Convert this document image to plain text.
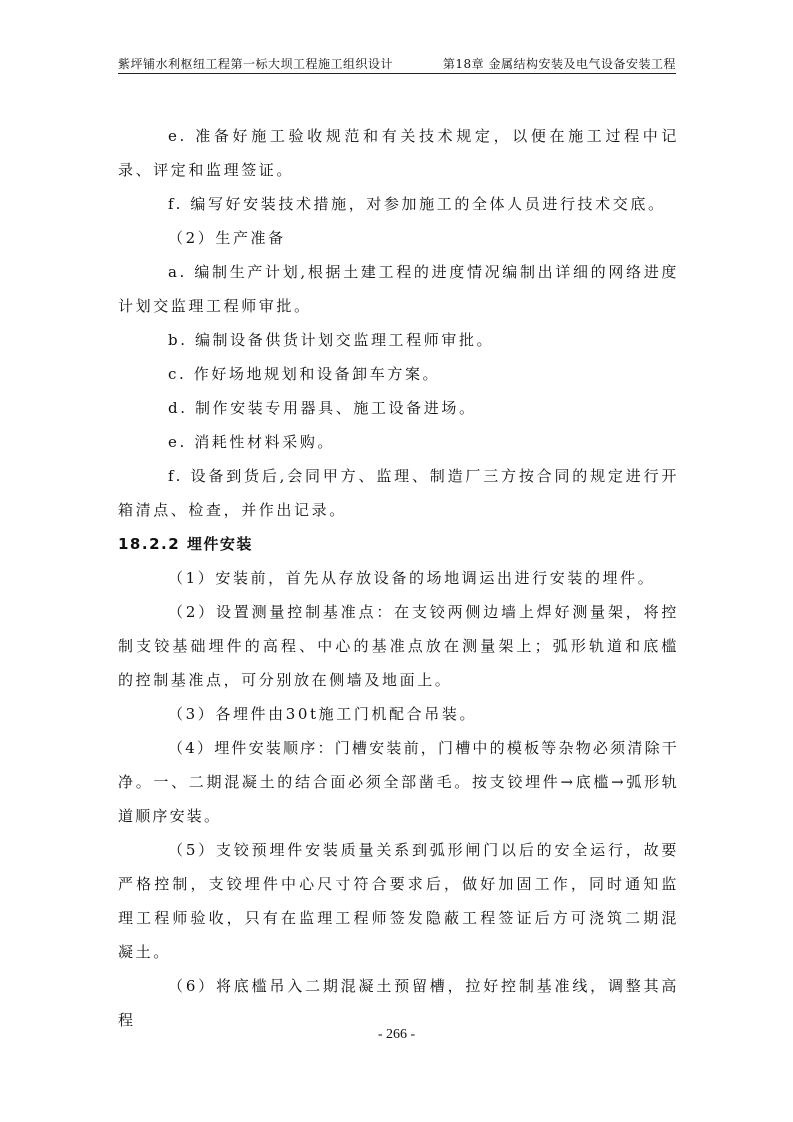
紫坪铺水利枢纽工程第一标大坝工程施工组织设计	第18章 金属结构安装及电气设备安装工程

e. 准备好施工验收规范和有关技术规定，以便在施工过程中记录、评定和监理签证。

f. 编写好安装技术措施，对参加施工的全体人员进行技术交底。

（2）生产准备

a. 编制生产计划,根据土建工程的进度情况编制出详细的网络进度计划交监理工程师审批。

b. 编制设备供货计划交监理工程师审批。

c. 作好场地规划和设备卸车方案。

d. 制作安装专用器具、施工设备进场。

e. 消耗性材料采购。

f. 设备到货后,会同甲方、监理、制造厂三方按合同的规定进行开箱清点、检查，并作出记录。

18.2.2 埋件安装

（1）安装前，首先从存放设备的场地调运出进行安装的埋件。

（2）设置测量控制基准点：在支铰两侧边墙上焊好测量架，将控制支铰基础埋件的高程、中心的基准点放在测量架上；弧形轨道和底槛的控制基准点，可分别放在侧墙及地面上。

（3）各埋件由30t施工门机配合吊装。

（4）埋件安装顺序：门槽安装前，门槽中的模板等杂物必须清除干净。一、二期混凝土的结合面必须全部凿毛。按支铰埋件→底槛→弧形轨道顺序安装。

（5）支铰预埋件安装质量关系到弧形闸门以后的安全运行，故要严格控制，支铰埋件中心尺寸符合要求后，做好加固工作，同时通知监理工程师验收，只有在监理工程师签发隐蔽工程签证后方可浇筑二期混凝土。

（6）将底槛吊入二期混凝土预留槽，拉好控制基准线，调整其高程

- 266 -
